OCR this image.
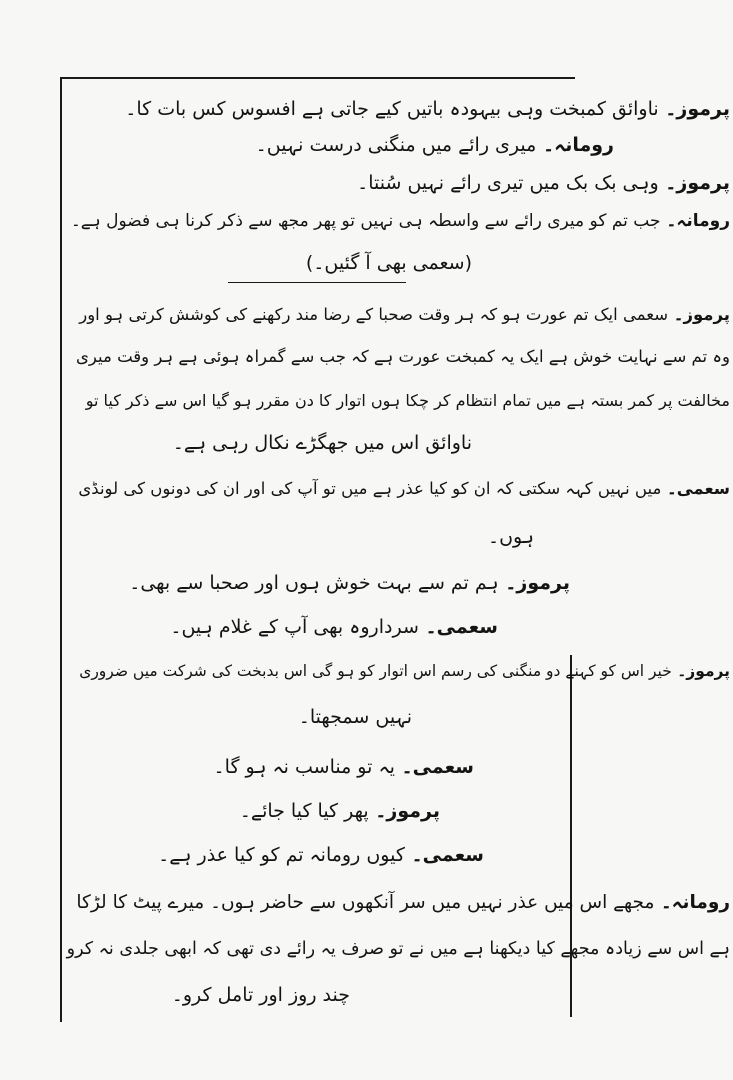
پرموز۔ ناوائق کمبخت وہی بیہودہ باتیں کیے جاتی ہے افسوس کس بات کا۔

رومانہ۔ میری رائے میں منگنی درست نہیں۔

پرموز۔ وہی بک بک میں تیری رائے نہیں سُنتا۔

رومانہ۔ جب تم کو میری رائے سے واسطہ ہی نہیں تو پھر مجھ سے ذکر کرنا ہی فضول ہے۔

(سعمی بھی آ گئیں۔)

پرموز۔ سعمی ایک تم عورت ہو کہ ہر وقت صحبا کے رضا مند رکھنے کی کوشش کرتی ہو اور

وہ تم سے نہایت خوش ہے ایک یہ کمبخت عورت ہے کہ جب سے گمراہ ہوئی ہے ہر وقت میری

مخالفت پر کمر بستہ ہے میں تمام انتظام کر چکا ہوں اتوار کا دن مقرر ہو گیا اس سے ذکر کیا تو

ناوائق اس میں جھگڑے نکال رہی ہے۔

سعمی۔ میں نہیں کہہ سکتی کہ ان کو کیا عذر ہے میں تو آپ کی اور ان کی دونوں کی لونڈی

ہوں۔

پرموز۔ ہم تم سے بہت خوش ہوں اور صحبا سے بھی۔

سعمی۔ سرداروہ بھی آپ کے غلام ہیں۔

پرموز۔ خیر اس کو کہنے دو منگنی کی رسم اس اتوار کو ہو گی اس بدبخت کی شرکت میں ضروری

نہیں سمجھتا۔

سعمی۔ یہ تو مناسب نہ ہو گا۔

پرموز۔ پھر کیا کیا جائے۔

سعمی۔ کیوں رومانہ تم کو کیا عذر ہے۔

رومانہ۔ مجھے اس میں عذر نہیں میں سر آنکھوں سے حاضر ہوں۔ میرے پیٹ کا لڑکا

ہے اس سے زیادہ مجھے کیا دیکھنا ہے میں نے تو صرف یہ رائے دی تھی کہ ابھی جلدی نہ کرو

چند روز اور تامل کرو۔
